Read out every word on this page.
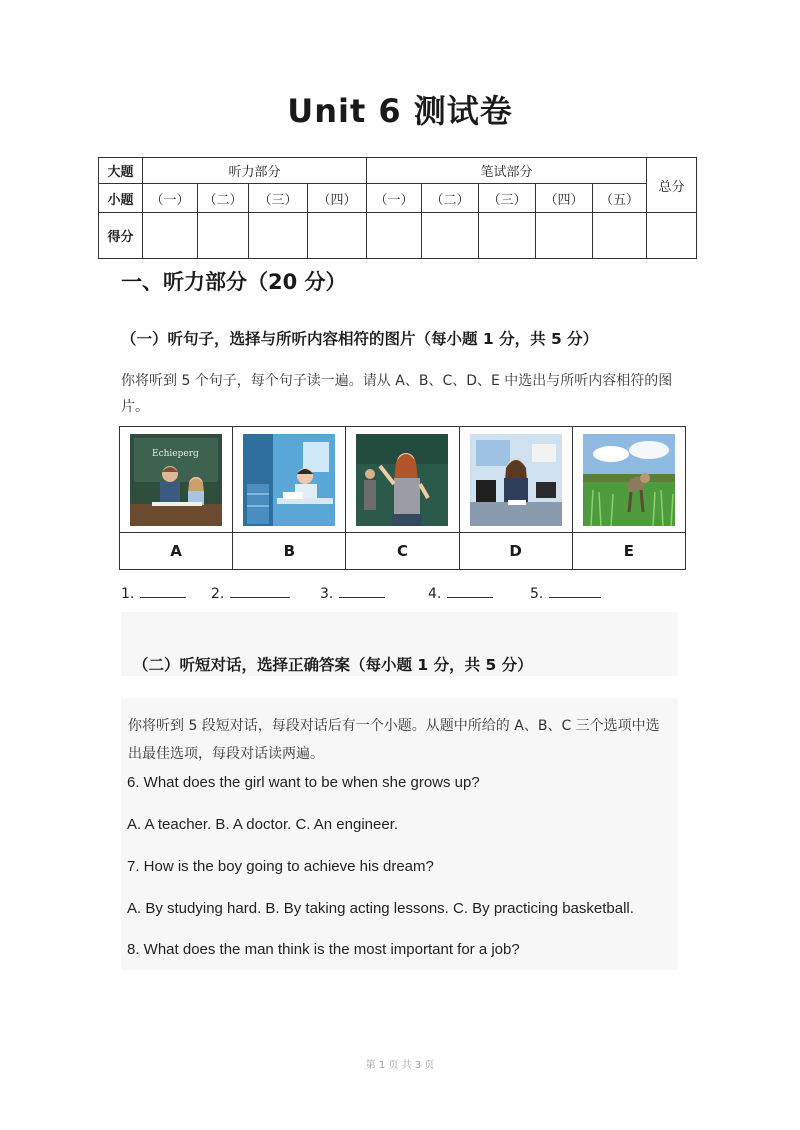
Unit 6 测试卷
大题	听力部分				笔试部分					总分
小题	（一）	（二）	（三）	（四）	（一）	（二）	（三）	（四）	（五）	
得分										
一、听力部分（20 分）
（一）听句子，选择与所听内容相符的图片（每小题 1 分，共 5 分）
你将听到 5 个句子，每个句子读一遍。请从 A、B、C、D、E 中选出与所听内容相符的图片。
Echieperg

A	B	C	D	E
1.	2.	3.	4.	5.
（二）听短对话，选择正确答案（每小题 1 分，共 5 分）
你将听到 5 段短对话，每段对话后有一个小题。从题中所给的 A、B、C 三个选项中选出最佳选项，每段对话读两遍。
6. What does the girl want to be when she grows up?
A. A teacher. B. A doctor. C. An engineer.
7. How is the boy going to achieve his dream?
A. By studying hard. B. By taking acting lessons. C. By practicing basketball.
8. What does the man think is the most important for a job?
第 1 页 共 3 页
